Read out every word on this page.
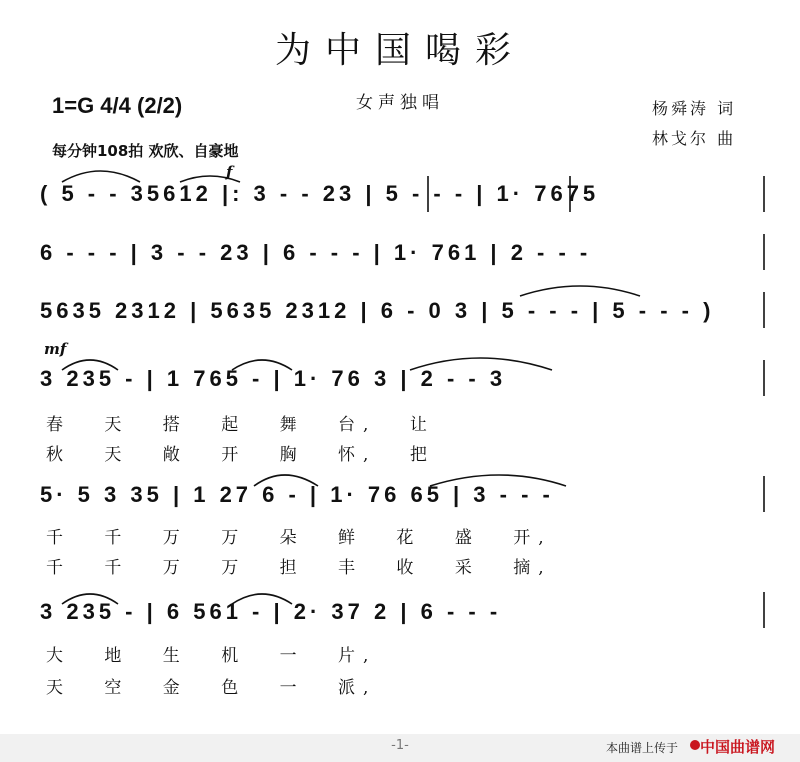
为中国喝彩
女声独唱
1=G 4/4 (2/2)
每分钟108拍 欢欣、自豪地
杨舜涛 词
林戈尔 曲
f
( 5 - - 35612 |: 3 - - 23 | 5 - - - | 1· 7675
6 - - - | 3 - - 23 | 6 - - - | 1· 761 | 2 - - -
5635 2312 | 5635 2312 | 6 - 0 3 | 5 - - - | 5 - - - )
mf
3 235 - | 1 765 - | 1· 76 3 | 2 - - 3
春 天 搭 起 舞 台, 让
秋 天 敞 开 胸 怀, 把
5· 5 3 35 | 1 27 6 - | 1· 76 65 | 3 - - -
千 千 万 万 朵 鲜 花 盛 开,
千 千 万 万 担 丰 收 采 摘,
3 235 - | 6 561 - | 2· 37 2 | 6 - - -
大 地 生 机 一 片,
天 空 金 色 一 派,
-1-	本曲谱上传于 中国曲谱网
